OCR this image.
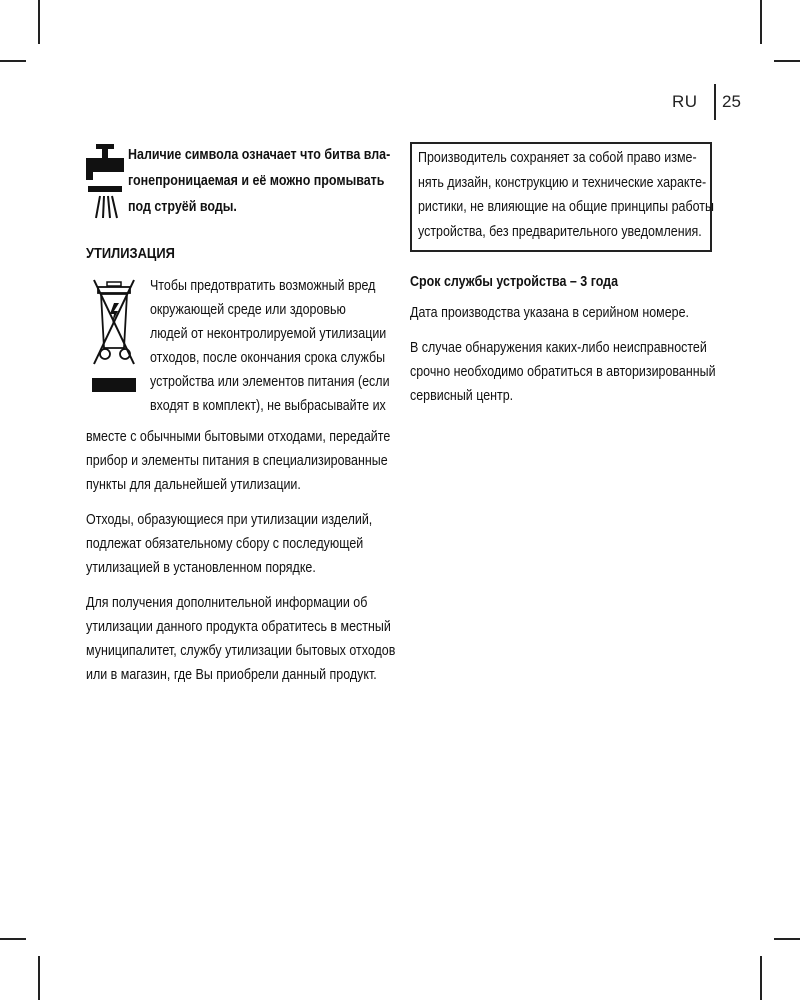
RU 25
Наличие символа означает что битва вла-
гонепроницаемая и её можно промывать
под струёй воды.
УТИЛИЗАЦИЯ
Чтобы предотвратить возможный вред
окружающей среде или здоровью
людей от неконтролируемой утилизации
отходов, после окончания срока службы
устройства или элементов питания (если
входят в комплект), не выбрасывайте их
вместе с обычными бытовыми отходами, передайте
прибор и элементы питания в специализированные
пункты для дальнейшей утилизации.
Отходы, образующиеся при утилизации изделий,
подлежат обязательному сбору с последующей
утилизацией в установленном порядке.
Для получения дополнительной информации об
утилизации данного продукта обратитесь в местный
муниципалитет, службу утилизации бытовых отходов
или в магазин, где Вы приобрели данный продукт.
Производитель сохраняет за собой право изме-
нять дизайн, конструкцию и технические характе-
ристики, не влияющие на общие принципы работы
устройства, без предварительного уведомления.
Срок службы устройства – 3 года
Дата производства указана в серийном номере.
В случае обнаружения каких-либо неисправностей
срочно необходимо обратиться в авторизированный
сервисный центр.
